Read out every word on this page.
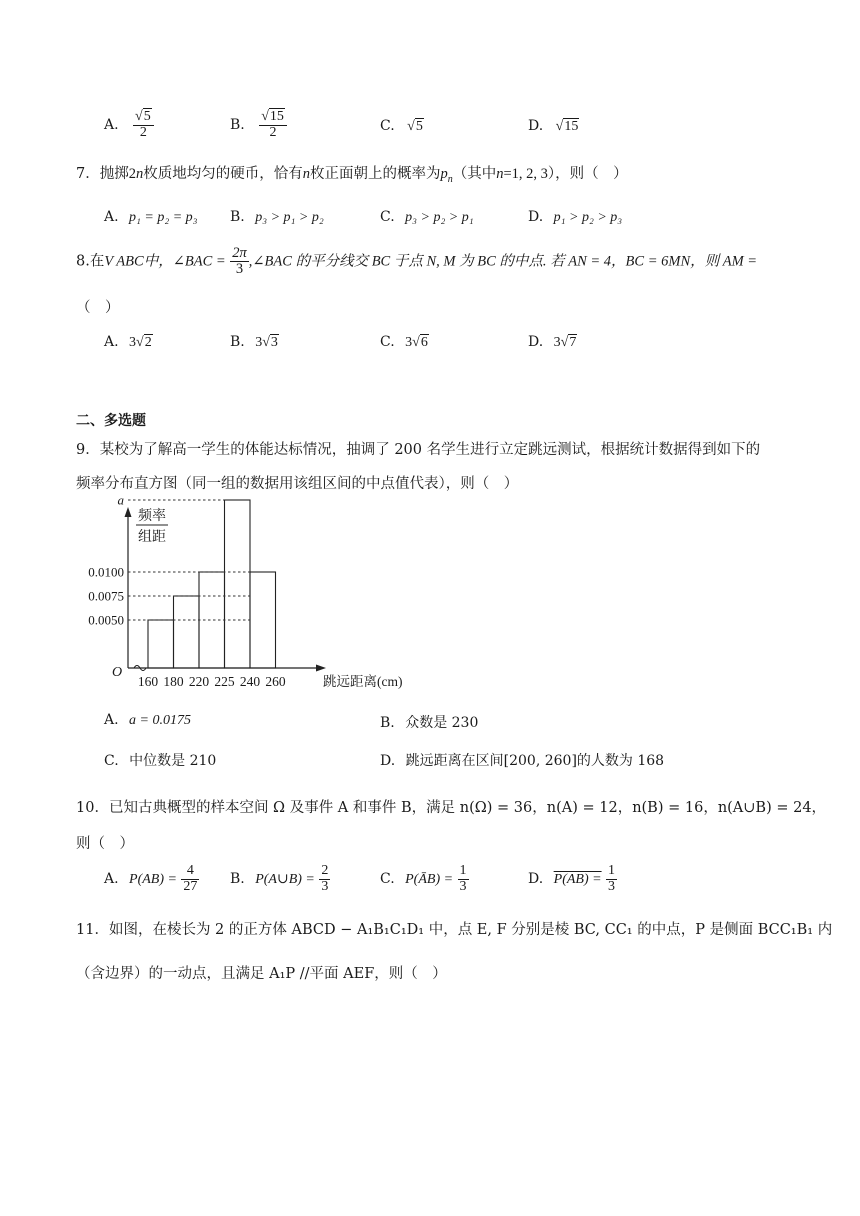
A. $\frac{√5}{2}$	B. $\frac{√15}{2}$	C. √5	D. √15
7．抛掷2n枚质地均匀的硬币，恰有n枚正面朝上的概率为$p_n$（其中n=1, 2, 3），则（　）
A. p₁ = p₂ = p₃ B. p₃ > p₁ > p₂	C. p₃ > p₂ > p₁	D. p₁ > p₂ > p₃
8.在V ABC中，∠BAC = $\frac{2\pi}{3}$ ,∠BAC 的平分线交 BC 于点 N, M 为 BC 的中点. 若 AN = 4，BC = 6MN，则 AM =
（　）
A. 3√2	B. 3√3	C. 3√6	D. 3√7
二、多选题
9．某校为了解高一学生的体能达标情况，抽调了 200 名学生进行立定跳远测试，根据统计数据得到如下的
频率分布直方图（同一组的数据用该组区间的中点值代表），则（　）
0.0050
0.0075
0.0100
a
160 180 220 225 240 260
O
跳远距离(cm)
频率
组距
A. a = 0.0175	B. 众数是 230
C. 中位数是 210	D. 跳远距离在区间[200, 260]的人数为 168
10．已知古典概型的样本空间 Ω 及事件 A 和事件 B，满足 n(Ω) = 36，n(A) = 12，n(B) = 16，n(A∪B) = 24，
则（　）
A. $P(AB) = \frac{4}{27} B$. P(A∪B) = $\frac{2}{3}$	C. P(ĀB) = $\frac{1}{3}$	D. $P(AB) = \frac{1}{3}$
11．如图，在棱长为 2 的正方体 ABCD − A₁B₁C₁D₁ 中，点 E, F 分别是棱 BC, CC₁ 的中点，P 是侧面 BCC₁B₁ 内
（含边界）的一动点，且满足 A₁P //平面 AEF，则（　）
